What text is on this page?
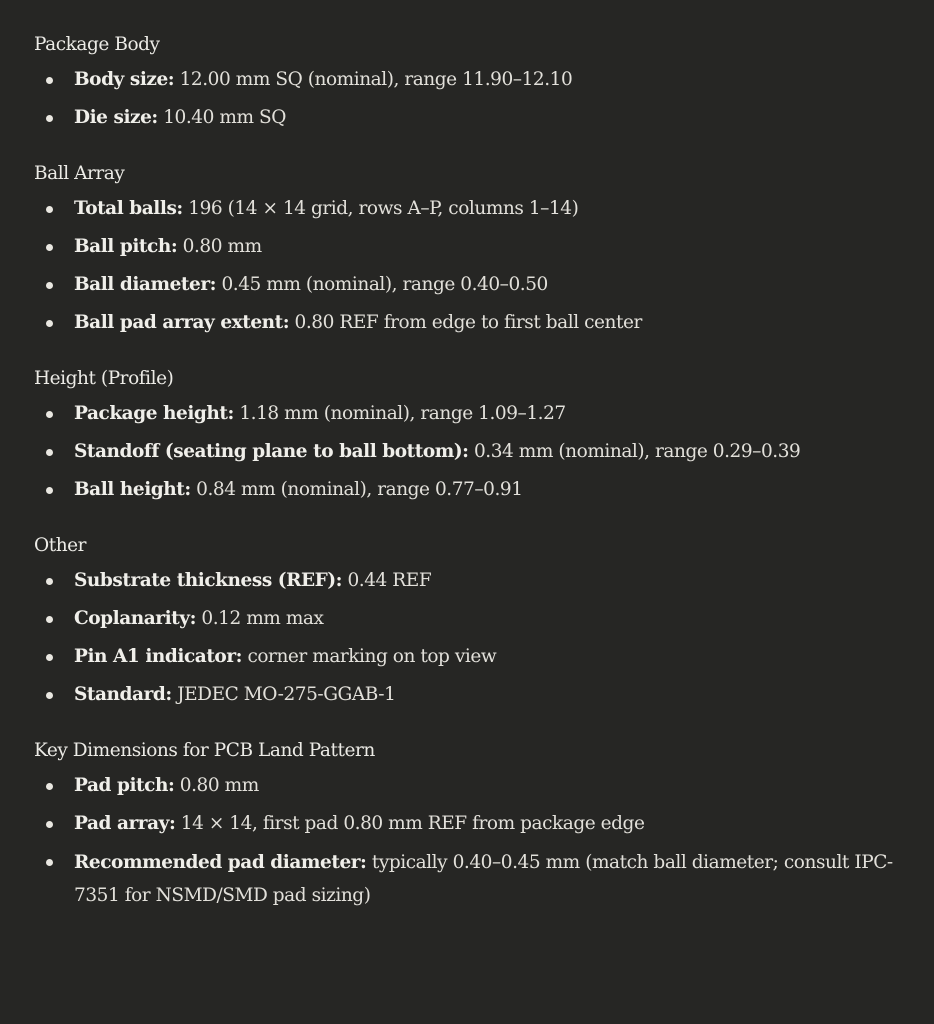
Package Body
Body size: 12.00 mm SQ (nominal), range 11.90–12.10
Die size: 10.40 mm SQ
Ball Array
Total balls: 196 (14 × 14 grid, rows A–P, columns 1–14)
Ball pitch: 0.80 mm
Ball diameter: 0.45 mm (nominal), range 0.40–0.50
Ball pad array extent: 0.80 REF from edge to first ball center
Height (Profile)
Package height: 1.18 mm (nominal), range 1.09–1.27
Standoff (seating plane to ball bottom): 0.34 mm (nominal), range 0.29–0.39
Ball height: 0.84 mm (nominal), range 0.77–0.91
Other
Substrate thickness (REF): 0.44 REF
Coplanarity: 0.12 mm max
Pin A1 indicator: corner marking on top view
Standard: JEDEC MO-275-GGAB-1
Key Dimensions for PCB Land Pattern
Pad pitch: 0.80 mm
Pad array: 14 × 14, first pad 0.80 mm REF from package edge
Recommended pad diameter: typically 0.40–0.45 mm (match ball diameter; consult IPC-7351 for NSMD/SMD pad sizing)
